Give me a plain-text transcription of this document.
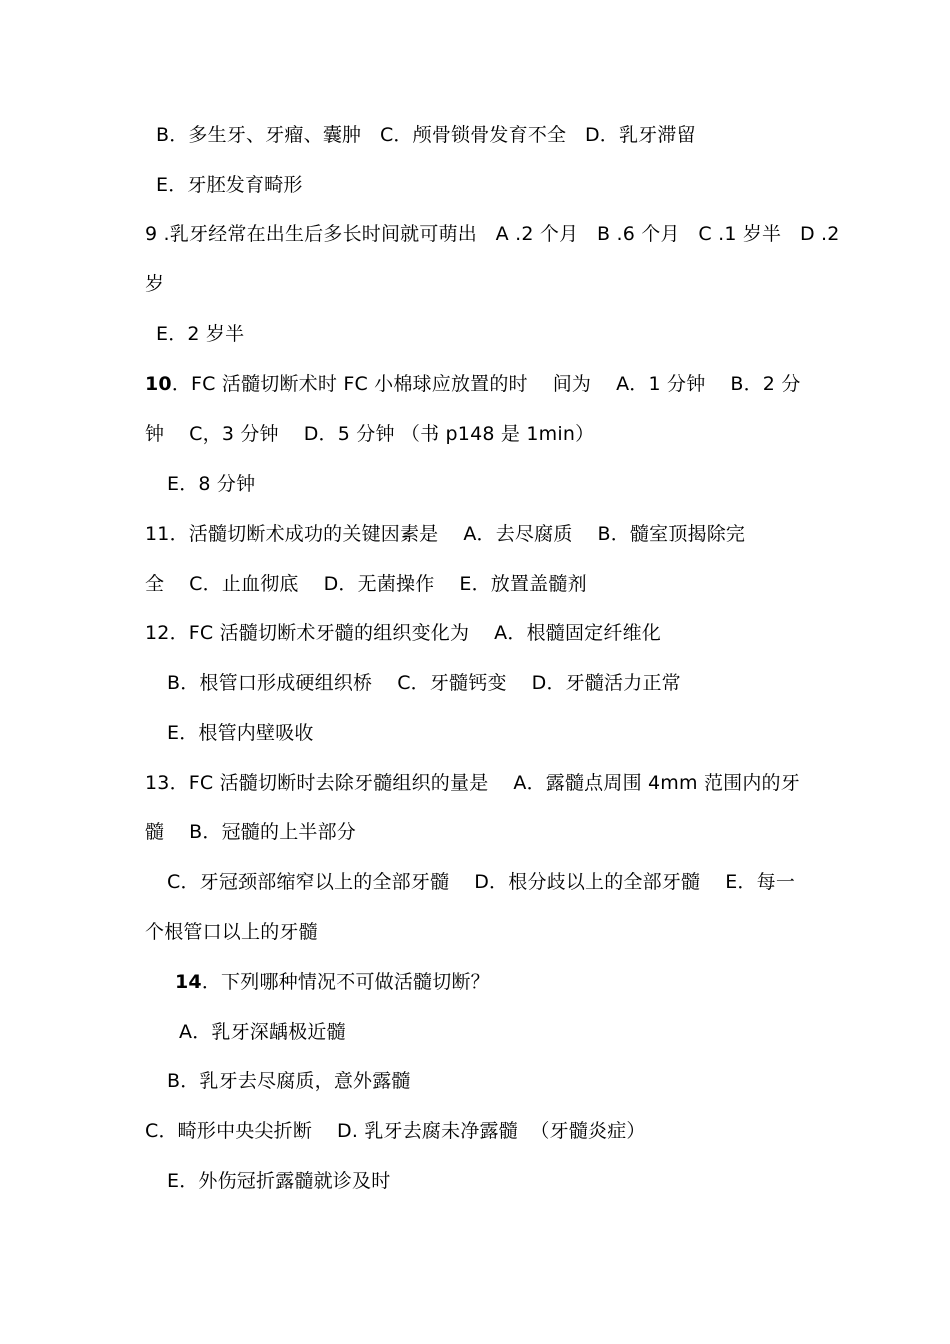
B．多生牙、牙瘤、囊肿   C．颅骨锁骨发育不全   D．乳牙滞留
E．牙胚发育畸形
9 .乳牙经常在出生后多长时间就可萌出   A .2 个月   B .6 个月   C .1 岁半   D .2
岁
E．2 岁半
10．FC 活髓切断术时 FC 小棉球应放置的时    间为    A．1 分钟    B．2 分
钟    C，3 分钟    D．5 分钟 （书 p148 是 1min）
E．8 分钟
11．活髓切断术成功的关键因素是    A．去尽腐质    B．髓室顶揭除完
全    C．止血彻底    D．无菌操作    E．放置盖髓剂
12．FC 活髓切断术牙髓的组织变化为    A．根髓固定纤维化
B．根管口形成硬组织桥    C．牙髓钙变    D．牙髓活力正常
E．根管内壁吸收
13．FC 活髓切断时去除牙髓组织的量是    A．露髓点周围 4mm 范围内的牙
髓    B．冠髓的上半部分
C．牙冠颈部缩窄以上的全部牙髓    D．根分歧以上的全部牙髓    E．每一
个根管口以上的牙髓
14．下列哪种情况不可做活髓切断？
A．乳牙深龋极近髓
B．乳牙去尽腐质，意外露髓
C．畸形中央尖折断    D. 乳牙去腐未净露髓  （牙髓炎症）
E．外伤冠折露髓就诊及时
